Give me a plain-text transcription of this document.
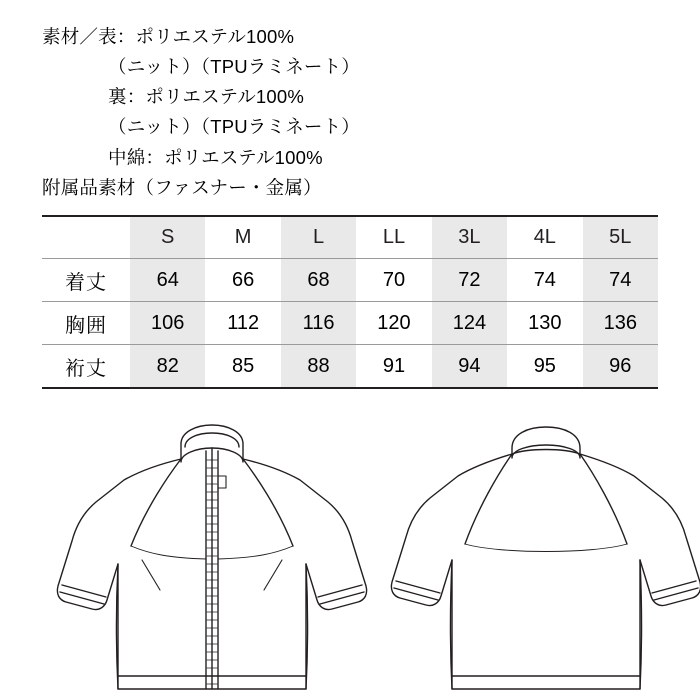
素材／表：ポリエステル100%
（ニット）（TPUラミネート）
裏：ポリエステル100%
（ニット）（TPUラミネート）
中綿：ポリエステル100%
附属品素材（ファスナー・金属）
	S	M	L	LL	3L	4L	5L
着丈	64	66	68	70	72	74	74
胸囲	106	112	116	120	124	130	136
裄丈	82	85	88	91	94	95	96
